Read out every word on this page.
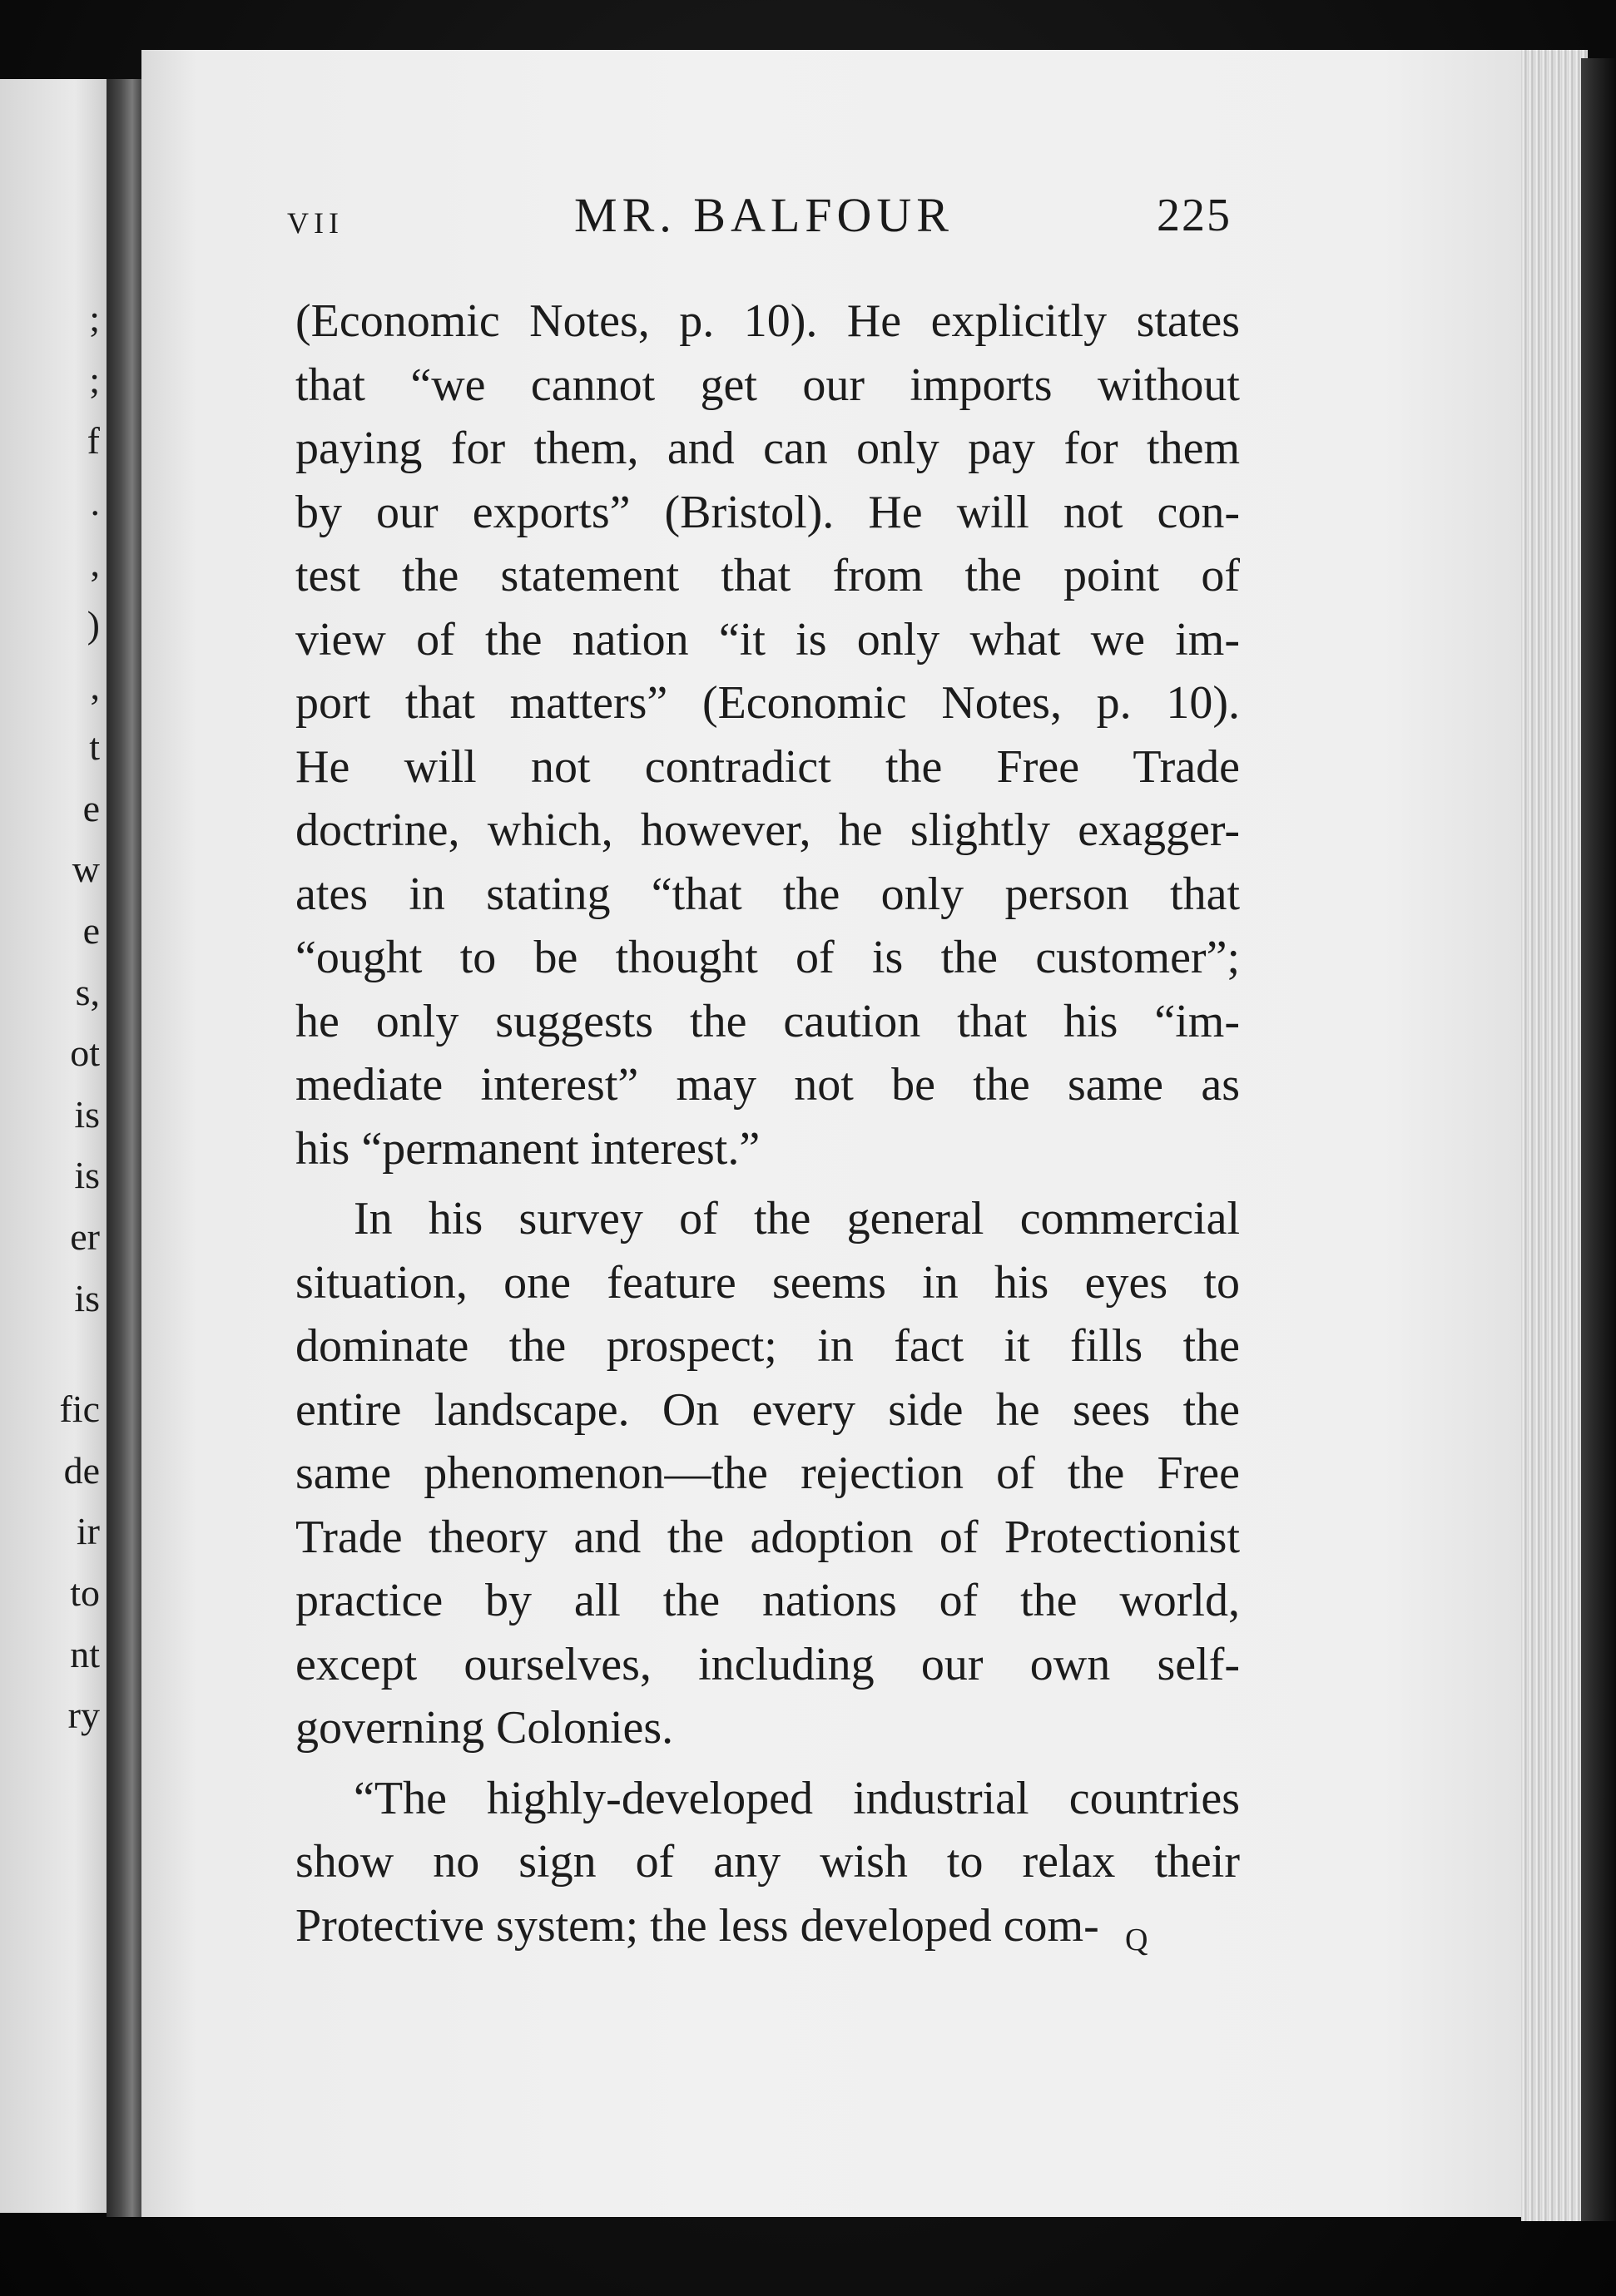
;
;
f
.
,
)
,
t
e
w
e
s,
ot
is
is
er
is
fic
de
ir
to
nt
ry
VII	MR. BALFOUR	225
(Economic Notes, p. 10). He explicitly states
that “we cannot get our imports without
paying for them, and can only pay for them
by our exports” (Bristol). He will not con-
test the statement that from the point of
view of the nation “it is only what we im-
port that matters” (Economic Notes, p. 10).
He will not contradict the Free Trade
doctrine, which, however, he slightly exagger-
ates in stating “that the only person that
“ought to be thought of is the customer”;
he only suggests the caution that his “im-
mediate interest” may not be the same as
his “permanent interest.”
In his survey of the general commercial
situation, one feature seems in his eyes to
dominate the prospect; in fact it fills the
entire landscape. On every side he sees the
same phenomenon—the rejection of the Free
Trade theory and the adoption of Protectionist
practice by all the nations of the world,
except ourselves, including our own self-
governing Colonies.
“The highly-developed industrial countries
show no sign of any wish to relax their
Protective system; the less developed com- Q
